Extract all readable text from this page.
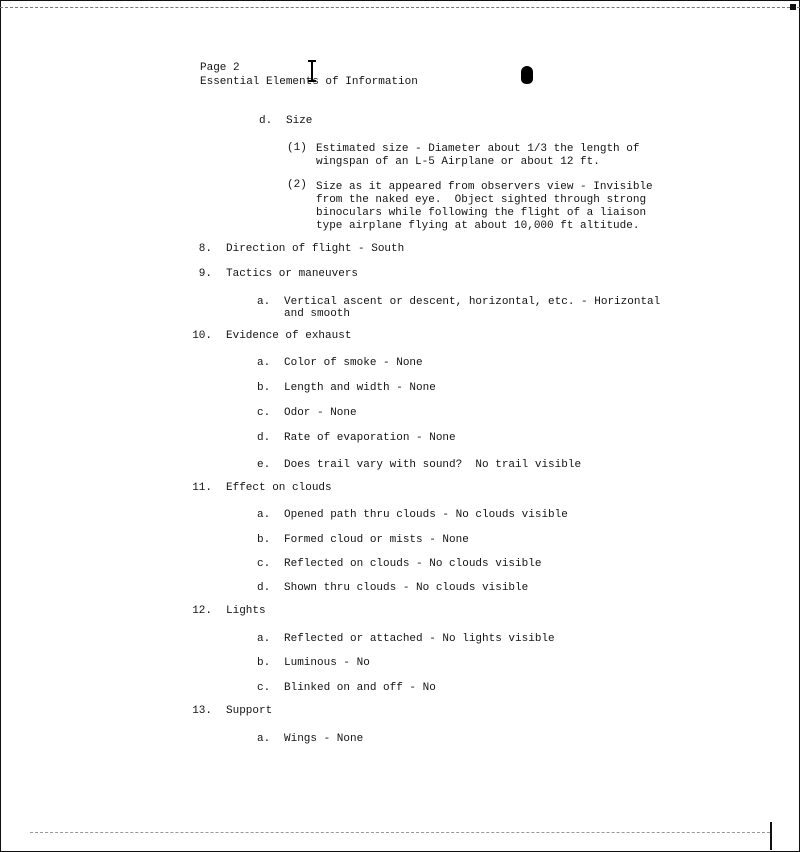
Page 2
Essential Elements of Information
d. Size
(1) Estimated size - Diameter about 1/3 the length of
wingspan of an L-5 Airplane or about 12 ft.
(2) Size as it appeared from observers view - Invisible
from the naked eye.  Object sighted through strong
binoculars while following the flight of a liaison
type airplane flying at about 10,000 ft altitude.
8. Direction of flight - South
9. Tactics or maneuvers
a. Vertical ascent or descent, horizontal, etc. - Horizontal
and smooth
10. Evidence of exhaust
a. Color of smoke - None
b. Length and width - None
c. Odor - None
d. Rate of evaporation - None
e. Does trail vary with sound?  No trail visible
11. Effect on clouds
a. Opened path thru clouds - No clouds visible
b. Formed cloud or mists - None
c. Reflected on clouds - No clouds visible
d. Shown thru clouds - No clouds visible
12. Lights
a. Reflected or attached - No lights visible
b. Luminous - No
c. Blinked on and off - No
13. Support
a. Wings - None
